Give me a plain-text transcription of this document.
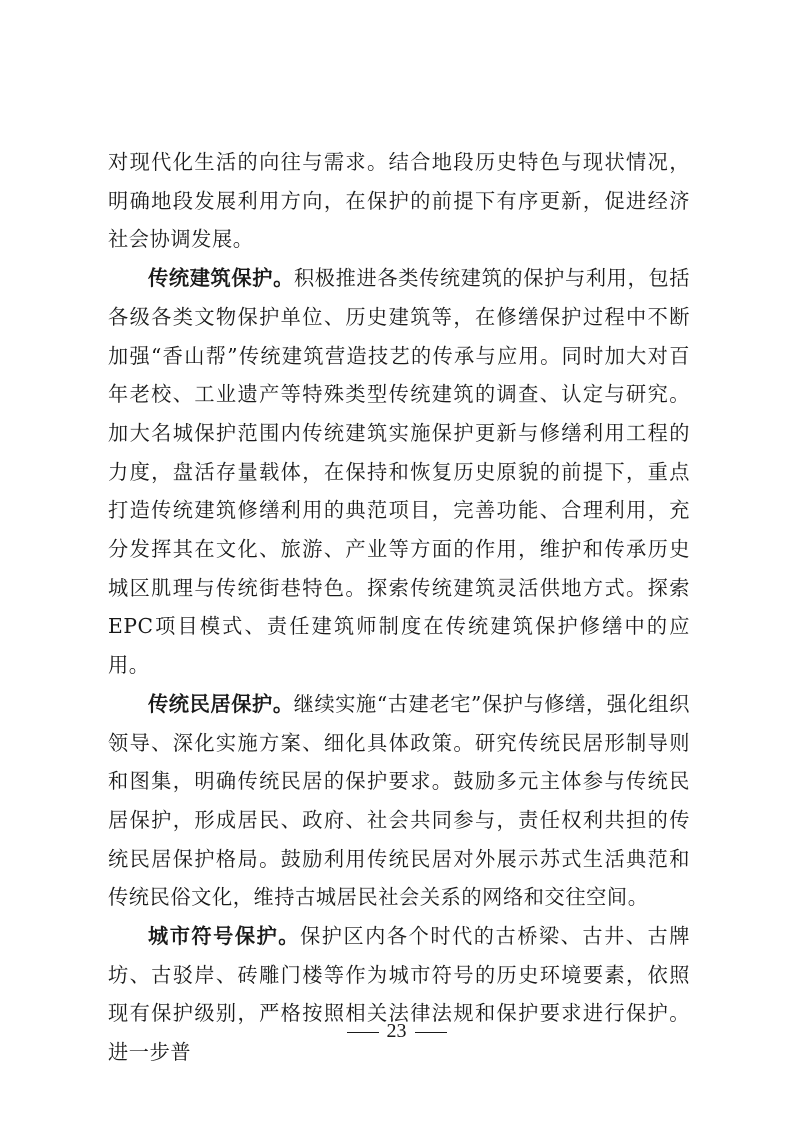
对现代化生活的向往与需求。结合地段历史特色与现状情况，明确地段发展利用方向，在保护的前提下有序更新，促进经济社会协调发展。

传统建筑保护。积极推进各类传统建筑的保护与利用，包括各级各类文物保护单位、历史建筑等，在修缮保护过程中不断加强“香山帮”传统建筑营造技艺的传承与应用。同时加大对百年老校、工业遗产等特殊类型传统建筑的调查、认定与研究。加大名城保护范围内传统建筑实施保护更新与修缮利用工程的力度，盘活存量载体，在保持和恢复历史原貌的前提下，重点打造传统建筑修缮利用的典范项目，完善功能、合理利用，充分发挥其在文化、旅游、产业等方面的作用，维护和传承历史城区肌理与传统街巷特色。探索传统建筑灵活供地方式。探索EPC项目模式、责任建筑师制度在传统建筑保护修缮中的应用。

传统民居保护。继续实施“古建老宅”保护与修缮，强化组织领导、深化实施方案、细化具体政策。研究传统民居形制导则和图集，明确传统民居的保护要求。鼓励多元主体参与传统民居保护，形成居民、政府、社会共同参与，责任权利共担的传统民居保护格局。鼓励利用传统民居对外展示苏式生活典范和传统民俗文化，维持古城居民社会关系的网络和交往空间。

城市符号保护。保护区内各个时代的古桥梁、古井、古牌坊、古驳岸、砖雕门楼等作为城市符号的历史环境要素，依照现有保护级别，严格按照相关法律法规和保护要求进行保护。进一步普

23
